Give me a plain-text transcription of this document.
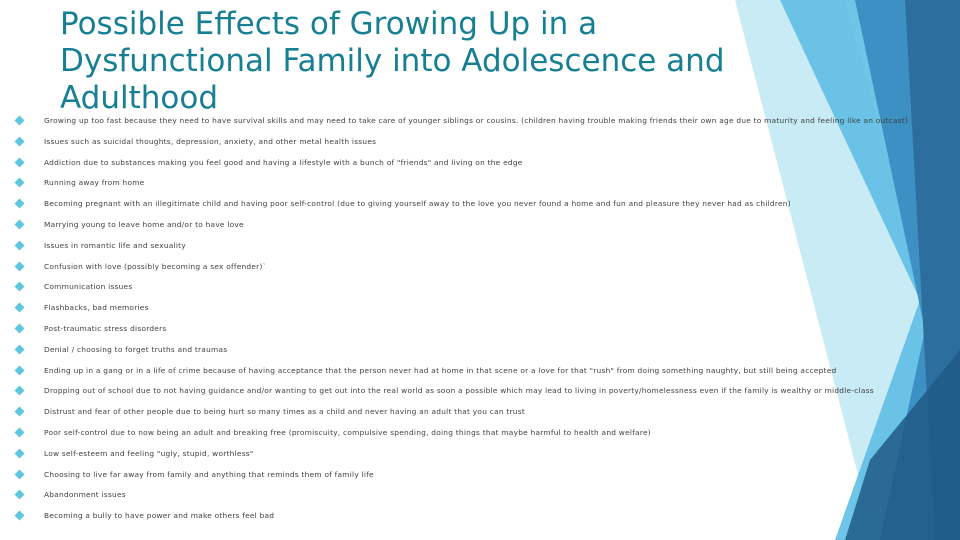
Possible Effects of Growing Up in a Dysfunctional Family into Adolescence and Adulthood
Growing up too fast because they need to have survival skills and may need to take care of younger siblings or cousins. (children having trouble making friends their own age due to maturity and feeling like an outcast)
Issues such as suicidal thoughts, depression, anxiety, and other metal health issues
Addiction due to substances making you feel good and having a lifestyle with a bunch of "friends" and living on the edge
Running away from home
Becoming pregnant with an illegitimate child and having poor self-control (due to giving yourself away to the love you never found a home and fun and pleasure they never had as children)
Marrying young to leave home and/or to have love
Issues in romantic life and sexuality
Confusion with love (possibly becoming a sex offender)`
Communication issues
Flashbacks, bad memories
Post-traumatic stress disorders
Denial / choosing to forget truths and traumas
Ending up in a gang or in a life of crime because of having acceptance that the person never had at home in that scene or a love for that "rush" from doing something naughty, but still being accepted
Dropping out of school due to not having guidance and/or wanting to get out into the real world as soon a possible which may lead to living in poverty/homelessness even if the family is wealthy or middle-class
Distrust and fear of other people due to being hurt so many times as a child and never having an adult that you can trust
Poor self-control due to now being an adult and breaking free (promiscuity, compulsive spending, doing things that maybe harmful to health and welfare)
Low self-esteem and feeling "ugly, stupid, worthless"
Choosing to live far away from family and anything that reminds them of family life
Abandonment issues
Becoming a bully to have power and make others feel bad
